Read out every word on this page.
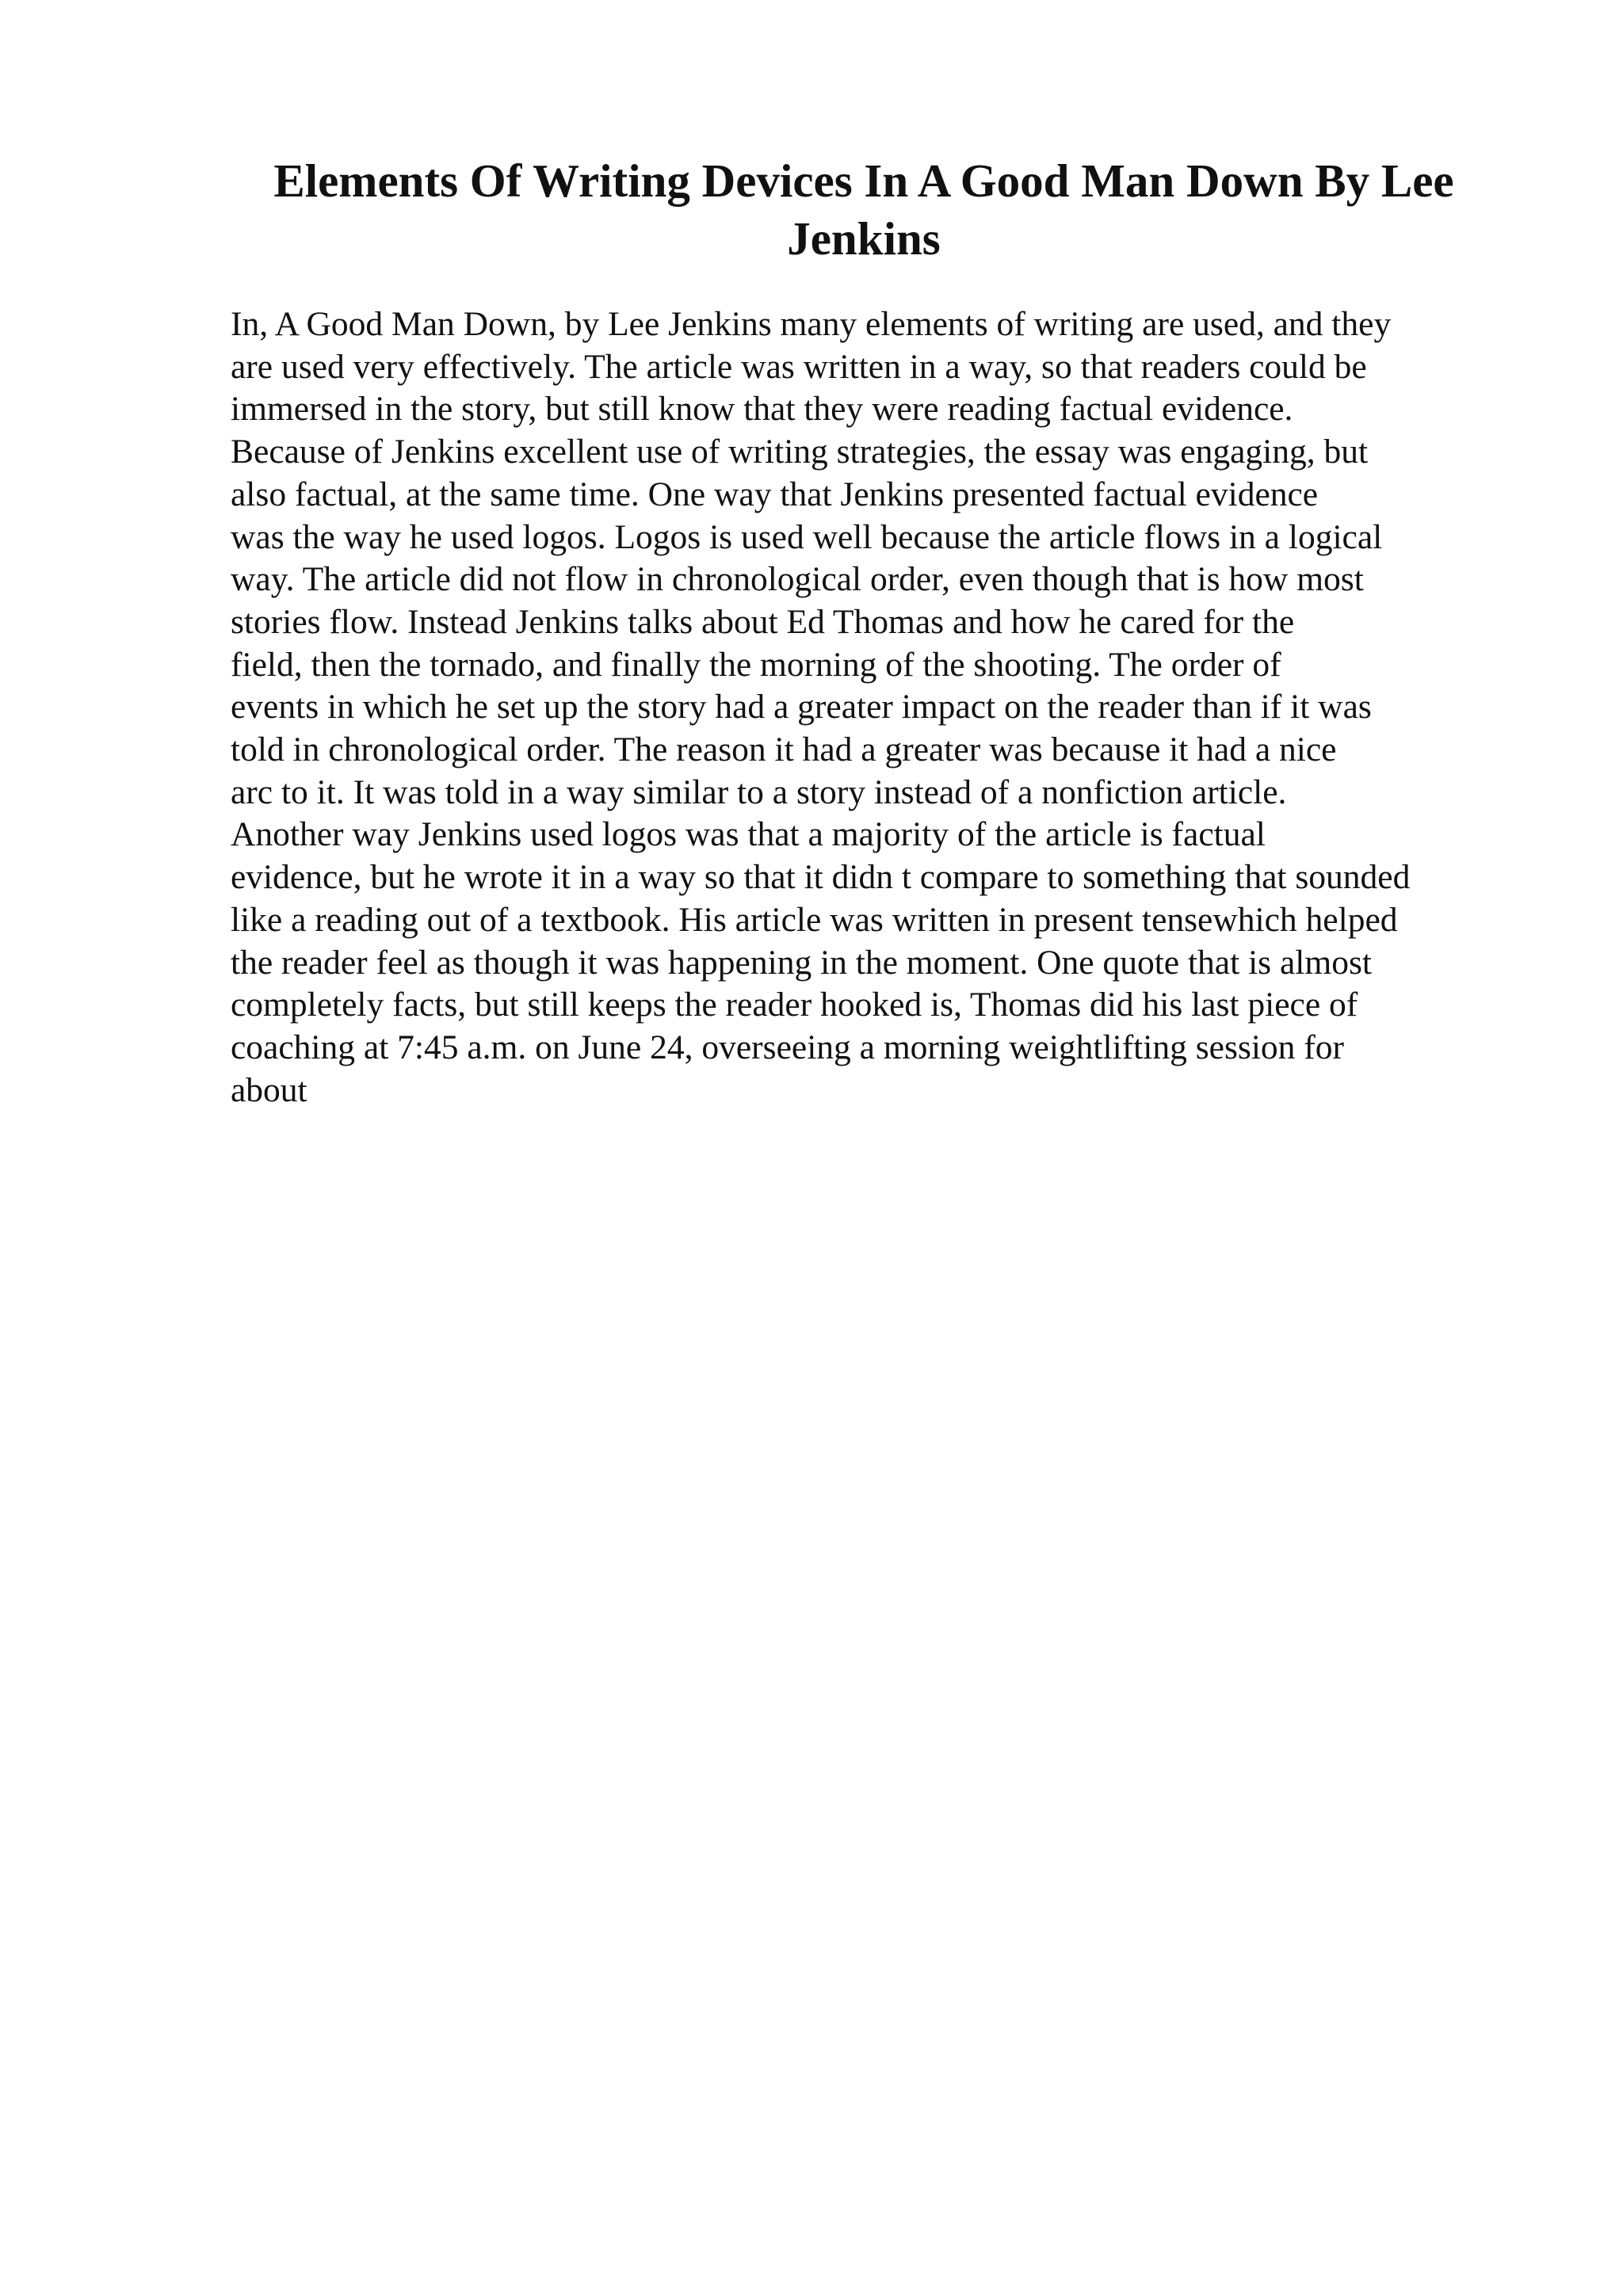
Elements Of Writing Devices In A Good Man Down By Lee
Jenkins
In, A Good Man Down, by Lee Jenkins many elements of writing are used, and they
are used very effectively. The article was written in a way, so that readers could be
immersed in the story, but still know that they were reading factual evidence.
Because of Jenkins excellent use of writing strategies, the essay was engaging, but
also factual, at the same time. One way that Jenkins presented factual evidence
was the way he used logos. Logos is used well because the article flows in a logical
way. The article did not flow in chronological order, even though that is how most
stories flow. Instead Jenkins talks about Ed Thomas and how he cared for the
field, then the tornado, and finally the morning of the shooting. The order of
events in which he set up the story had a greater impact on the reader than if it was
told in chronological order. The reason it had a greater was because it had a nice
arc to it. It was told in a way similar to a story instead of a nonfiction article.
Another way Jenkins used logos was that a majority of the article is factual
evidence, but he wrote it in a way so that it didn t compare to something that sounded
like a reading out of a textbook. His article was written in present tensewhich helped
the reader feel as though it was happening in the moment. One quote that is almost
completely facts, but still keeps the reader hooked is, Thomas did his last piece of
coaching at 7:45 a.m. on June 24, overseeing a morning weightlifting session for
about
